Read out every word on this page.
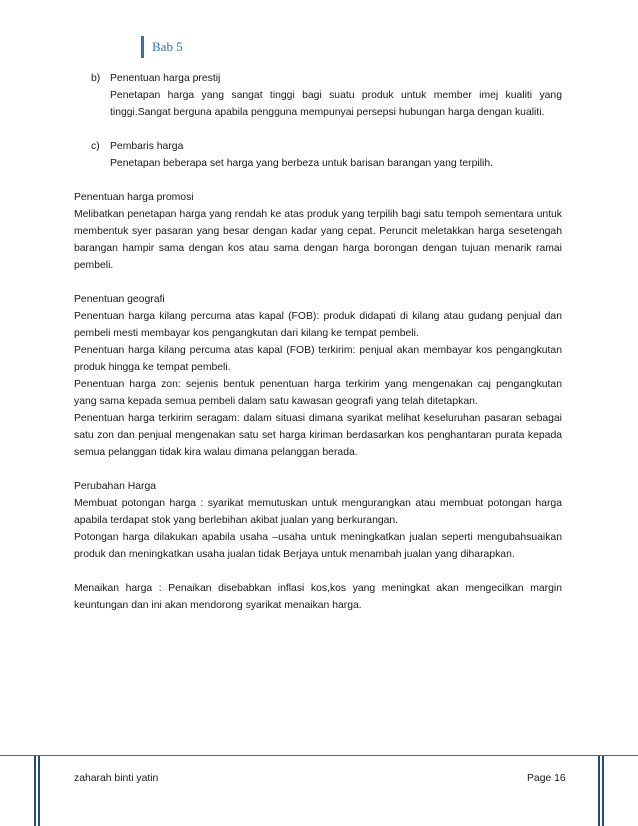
Bab 5
b) Penentuan harga prestij

Penetapan harga yang sangat tinggi bagi suatu produk untuk member imej kualiti yang tinggi.Sangat berguna apabila pengguna mempunyai persepsi hubungan harga dengan kualiti.

c) Pembaris harga

Penetapan beberapa set harga yang berbeza untuk barisan barangan yang terpilih.

Penentuan harga promosi

Melibatkan penetapan harga yang rendah ke atas produk yang terpilih bagi satu tempoh sementara untuk membentuk syer pasaran yang besar dengan kadar yang cepat. Peruncit meletakkan harga sesetengah barangan hampir sama dengan kos atau sama dengan harga borongan dengan tujuan menarik ramai pembeli.

Penentuan geografi

Penentuan harga kilang percuma atas kapal (FOB): produk didapati di kilang atau gudang penjual dan pembeli mesti membayar kos pengangkutan dari kilang ke tempat pembeli.

Penentuan harga kilang percuma atas kapal (FOB) terkirim: penjual akan membayar kos pengangkutan produk hingga ke tempat pembeli.

Penentuan harga zon: sejenis bentuk penentuan harga terkirim yang mengenakan caj pengangkutan yang sama kepada semua pembeli dalam satu kawasan geografi yang telah ditetapkan.

Penentuan harga terkirim seragam: dalam situasi dimana syarikat melihat keseluruhan pasaran sebagai satu zon dan penjual mengenakan satu set harga kiriman berdasarkan kos penghantaran purata kepada semua pelanggan tidak kira walau dimana pelanggan berada.

Perubahan Harga

Membuat potongan harga : syarikat memutuskan untuk mengurangkan atau membuat potongan harga apabila terdapat stok yang berlebihan akibat jualan yang berkurangan.

Potongan harga dilakukan apabila usaha –usaha untuk meningkatkan jualan seperti mengubahsuaikan produk dan meningkatkan usaha jualan tidak Berjaya untuk menambah jualan yang diharapkan.

Menaikan harga : Penaikan disebabkan inflasi kos,kos yang meningkat akan mengecilkan margin keuntungan dan ini akan mendorong syarikat menaikan harga.

zaharah binti yatin	Page 16
